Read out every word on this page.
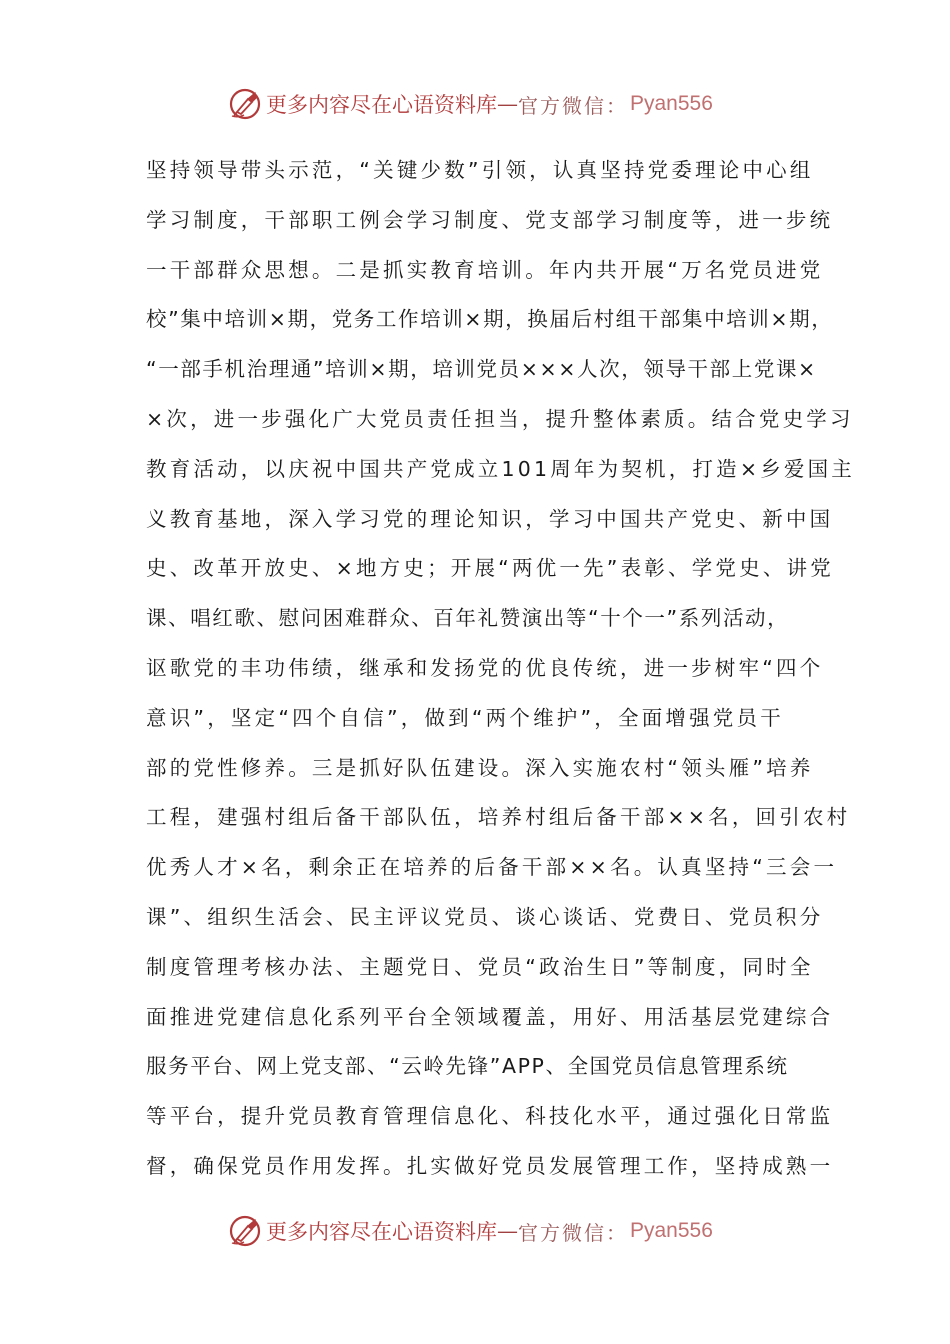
更多内容尽在心语资料库 — 官方微信： Pyan556
坚持领导带头示范，“关键少数”引领，认真坚持党委理论中心组
学习制度，干部职工例会学习制度、党支部学习制度等，进一步统
一干部群众思想。二是抓实教育培训。年内共开展“万名党员进党
校”集中培训×期，党务工作培训×期，换届后村组干部集中培训×期，
“一部手机治理通”培训×期，培训党员×××人次，领导干部上党课×
×次，进一步强化广大党员责任担当，提升整体素质。结合党史学习
教育活动，以庆祝中国共产党成立101周年为契机，打造×乡爱国主
义教育基地，深入学习党的理论知识，学习中国共产党史、新中国
史、改革开放史、×地方史；开展“两优一先”表彰、学党史、讲党
课、唱红歌、慰问困难群众、百年礼赞演出等“十个一”系列活动，
讴歌党的丰功伟绩，继承和发扬党的优良传统，进一步树牢“四个
意识”，坚定“四个自信”，做到“两个维护”，全面增强党员干
部的党性修养。三是抓好队伍建设。深入实施农村“领头雁”培养
工程，建强村组后备干部队伍，培养村组后备干部××名，回引农村
优秀人才×名，剩余正在培养的后备干部××名。认真坚持“三会一
课”、组织生活会、民主评议党员、谈心谈话、党费日、党员积分
制度管理考核办法、主题党日、党员“政治生日”等制度，同时全
面推进党建信息化系列平台全领域覆盖，用好、用活基层党建综合
服务平台、网上党支部、“云岭先锋”APP、全国党员信息管理系统
等平台，提升党员教育管理信息化、科技化水平，通过强化日常监
督，确保党员作用发挥。扎实做好党员发展管理工作，坚持成熟一
更多内容尽在心语资料库 — 官方微信： Pyan556
